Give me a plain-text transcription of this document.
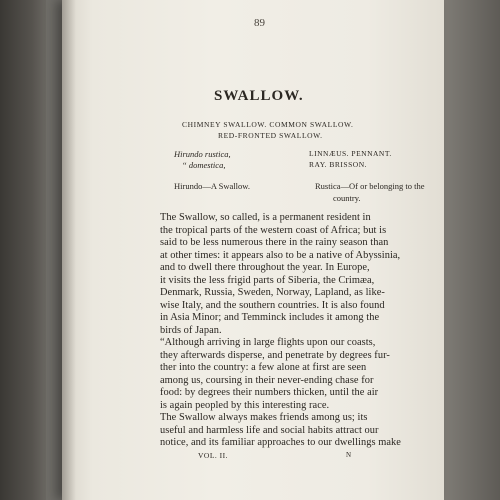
89
SWALLOW.
CHIMNEY SWALLOW. COMMON SWALLOW.
RED-FRONTED SWALLOW.
Hirundo rustica,	LINNÆUS. PENNANT.
“ domestica,	RAY. BRISSON.
Hirundo—A Swallow.	Rustica—Of or belonging to the
country.
The Swallow, so called, is a permanent resident in
the tropical parts of the western coast of Africa; but is
said to be less numerous there in the rainy season than
at other times: it appears also to be a native of Abyssinia,
and to dwell there throughout the year. In Europe,
it visits the less frigid parts of Siberia, the Crimæa,
Denmark, Russia, Sweden, Norway, Lapland, as like-
wise Italy, and the southern countries. It is also found
in Asia Minor; and Temminck includes it among the
birds of Japan.
“Although arriving in large flights upon our coasts,
they afterwards disperse, and penetrate by degrees fur-
ther into the country: a few alone at first are seen
among us, coursing in their never-ending chase for
food: by degrees their numbers thicken, until the air
is again peopled by this interesting race.
The Swallow always makes friends among us; its
useful and harmless life and social habits attract our
notice, and its familiar approaches to our dwellings make
VOL. II.	N
